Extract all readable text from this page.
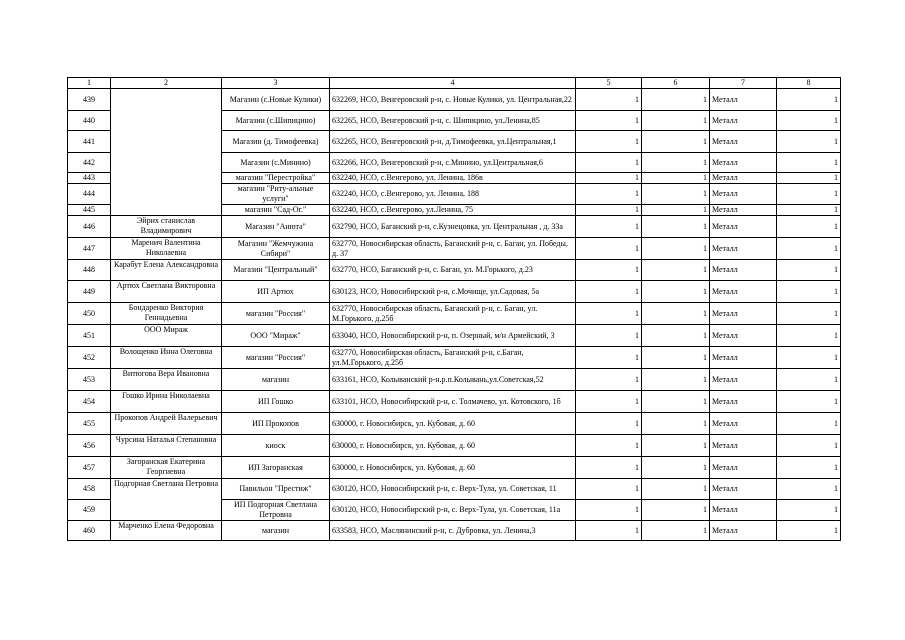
1	2	3	4	5	6	7	8
439		Магазин (с.Новые Кулики)	632269, НСО, Венгеровский р-н, с. Новые Кулики, ул. Центральная,22	1	1	Металл	1
440		Магазин (с.Шипицино)	632265, НСО, Венгеровский р-н, с. Шипицино, ул.Ленина,85	1	1	Металл	1
441		Магазин (д. Тимофеевка)	632265, НСО, Венгеровский р-н, д.Тимофеевка, ул.Центральная,1	1	1	Металл	1
442		Магазин (с.Минино)	632266, НСО, Венгеровский р-н, с.Минино, ул.Центральная,6	1	1	Металл	1
443		магазин "Перестройка"	632240, НСО, с.Венгерово, ул. Ленина, 186в	1	1	Металл	1
444		магазин "Риту-альные услуги"	632240, НСО, с.Венгерово, ул. Ленина, 188	1	1	Металл	1
445		магазин "Сад-Ог."	632240, НСО, с.Венгерово, ул.Ленина, 75	1	1	Металл	1
446	Эйрих станислав Владимирович	Магазин "Анюта"	632790, НСО, Баганский р-н, с.Кузнецовка, ул. Центральная , д. 33а	1	1	Металл	1
447	Маренич Валентина Николаевна	Магазин "Жемчужина Сибири"	632770, Новосибирская область, Баганский р-н, с. Баган, ул. Победы, д. 37	1	1	Металл	1
448	Карабут Елена Александровна	Магазин "Центральный"	632770, НСО, Баганский р-н, с. Баган, ул. М.Горького, д.23	1	1	Металл	1
449	Артюх Светлана Викторовна	ИП Артюх	630123, НСО, Новосибирский р-н, с.Мочище, ул.Садовая, 5а	1	1	Металл	1
450	Бондаренко Виктория Геннадьевна	магазин "Россия"	632770, Новосибирская область, Баганский р-н, с. Баган, ул. М.Горького, д.25б	1	1	Металл	1
451	ООО Мираж	ООО "Мираж"	633040, НСО, Новосибирский р-н, п. Озерный, м/н Армейский, 3	1	1	Металл	1
452	Волощенко Инна Олеговна	магазин "Россия"	632770, Новосибирская область, Баганский р-н, с.Баган, ул.М.Горького, д.25б	1	1	Металл	1
453	Витюгова Вера Ивановна	магазин	633161, НСО, Колыванский р-н.р.п.Колывань,ул.Советская,52	1	1	Металл	1
454	Гошко Ирина Николаевна	ИП Гошко	633101, НСО, Новосибирский р-н, с. Толмачево, ул. Котовского, 1б	1	1	Металл	1
455	Прокопов Андрей Валерьевич	ИП Прокопов	630000, г. Новосибирск, ул. Кубовая, д. 60	1	1	Металл	1
456	Чурсина Наталья Степановна	киоск	630000, г. Новосибирск, ул. Кубовая, д. 60	1	1	Металл	1
457	Загоранская Екатерина Георгиевна	ИП Загоранская	630000, г. Новосибирск, ул. Кубовая, д. 60	1	1	Металл	1
458	Подгорная Светлана Петровна	Павильон "Престиж"	630120, НСО, Новосибирский р-н, с. Верх-Тула, ул. Советская, 11	1	1	Металл	1
459		ИП Подгорная Светлана Петровна	630120, НСО, Новосибирский р-н, с. Верх-Тула, ул. Советская, 11а	1	1	Металл	1
460	Марченко Елена Федоровна	магазин	633583, НСО, Маслянинский р-н, с. Дубровка, ул. Ленина,3	1	1	Металл	1
